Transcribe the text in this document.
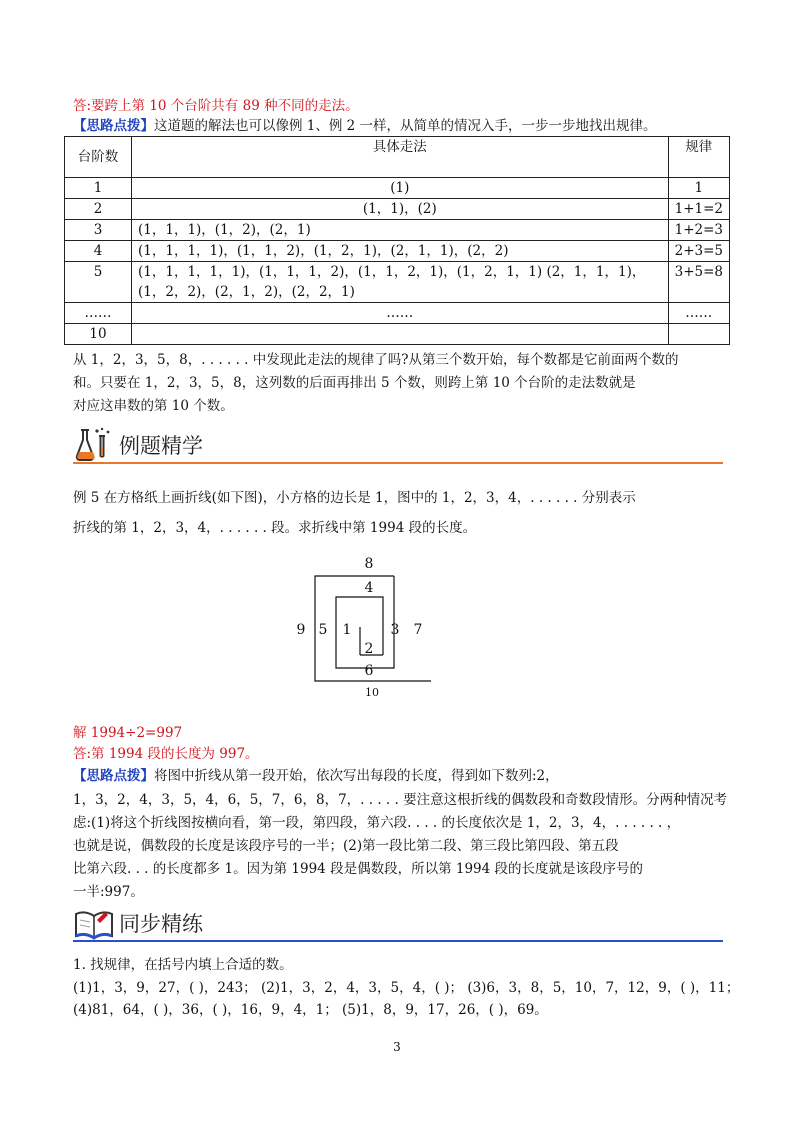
答:要跨上第 10 个台阶共有 89 种不同的走法。
【思路点拨】这道题的解法也可以像例 1、例 2 一样，从简单的情况入手，一步一步地找出规律。
台阶数	具体走法	规律
1	(1)	1
2	(1，1)，(2)	1+1=2
3	(1，1，1)，(1，2)，(2，1)	1+2=3
4	(1，1，1，1)，(1，1，2)，(1，2，1)，(2，1，1)，(2，2)	2+3=5
5	(1，1，1，1，1)，(1，1，1，2)，(1，1，2，1)，(1，2，1，1) (2，1，1，1)，(1，2，2)，(2，1，2)，(2，2，1)	3+5=8
……	……	……
10		
从 1，2，3，5，8，. . . . . . 中发现此走法的规律了吗?从第三个数开始，每个数都是它前面两个数的
和。只要在 1，2，3，5，8，这列数的后面再排出 5 个数，则跨上第 10 个台阶的走法数就是
对应这串数的第 10 个数。
例题精学
例 5 在方格纸上画折线(如下图)，小方格的边长是 1，图中的 1，2，3，4，. . . . . . 分别表示
折线的第 1，2，3，4，. . . . . . 段。求折线中第 1994 段的长度。
8
4
9 5 1
2
3 7
6
10
解 1994÷2=997
答:第 1994 段的长度为 997。
【思路点拨】将图中折线从第一段开始，依次写出每段的长度，得到如下数列:2，
1，3，2，4，3，5，4，6，5，7，6，8，7，. . . . . 要注意这根折线的偶数段和奇数段情形。分两种情况考
虑:(1)将这个折线图按横向看，第一段，第四段，第六段. . . . 的长度依次是 1，2，3，4，. . . . . . ，
也就是说，偶数段的长度是该段序号的一半；(2)第一段比第二段、第三段比第四段、第五段
比第六段. . . 的长度都多 1。因为第 1994 段是偶数段，所以第 1994 段的长度就是该段序号的
一半:997。
同步精练
1. 找规律，在括号内填上合适的数。
(1)1，3，9，27，( )，243； (2)1，3，2，4，3，5，4，( )； (3)6，3，8，5，10，7，12，9，( )，11；
(4)81，64，( )，36，( )，16，9，4，1； (5)1，8，9，17，26，( )，69。
3
